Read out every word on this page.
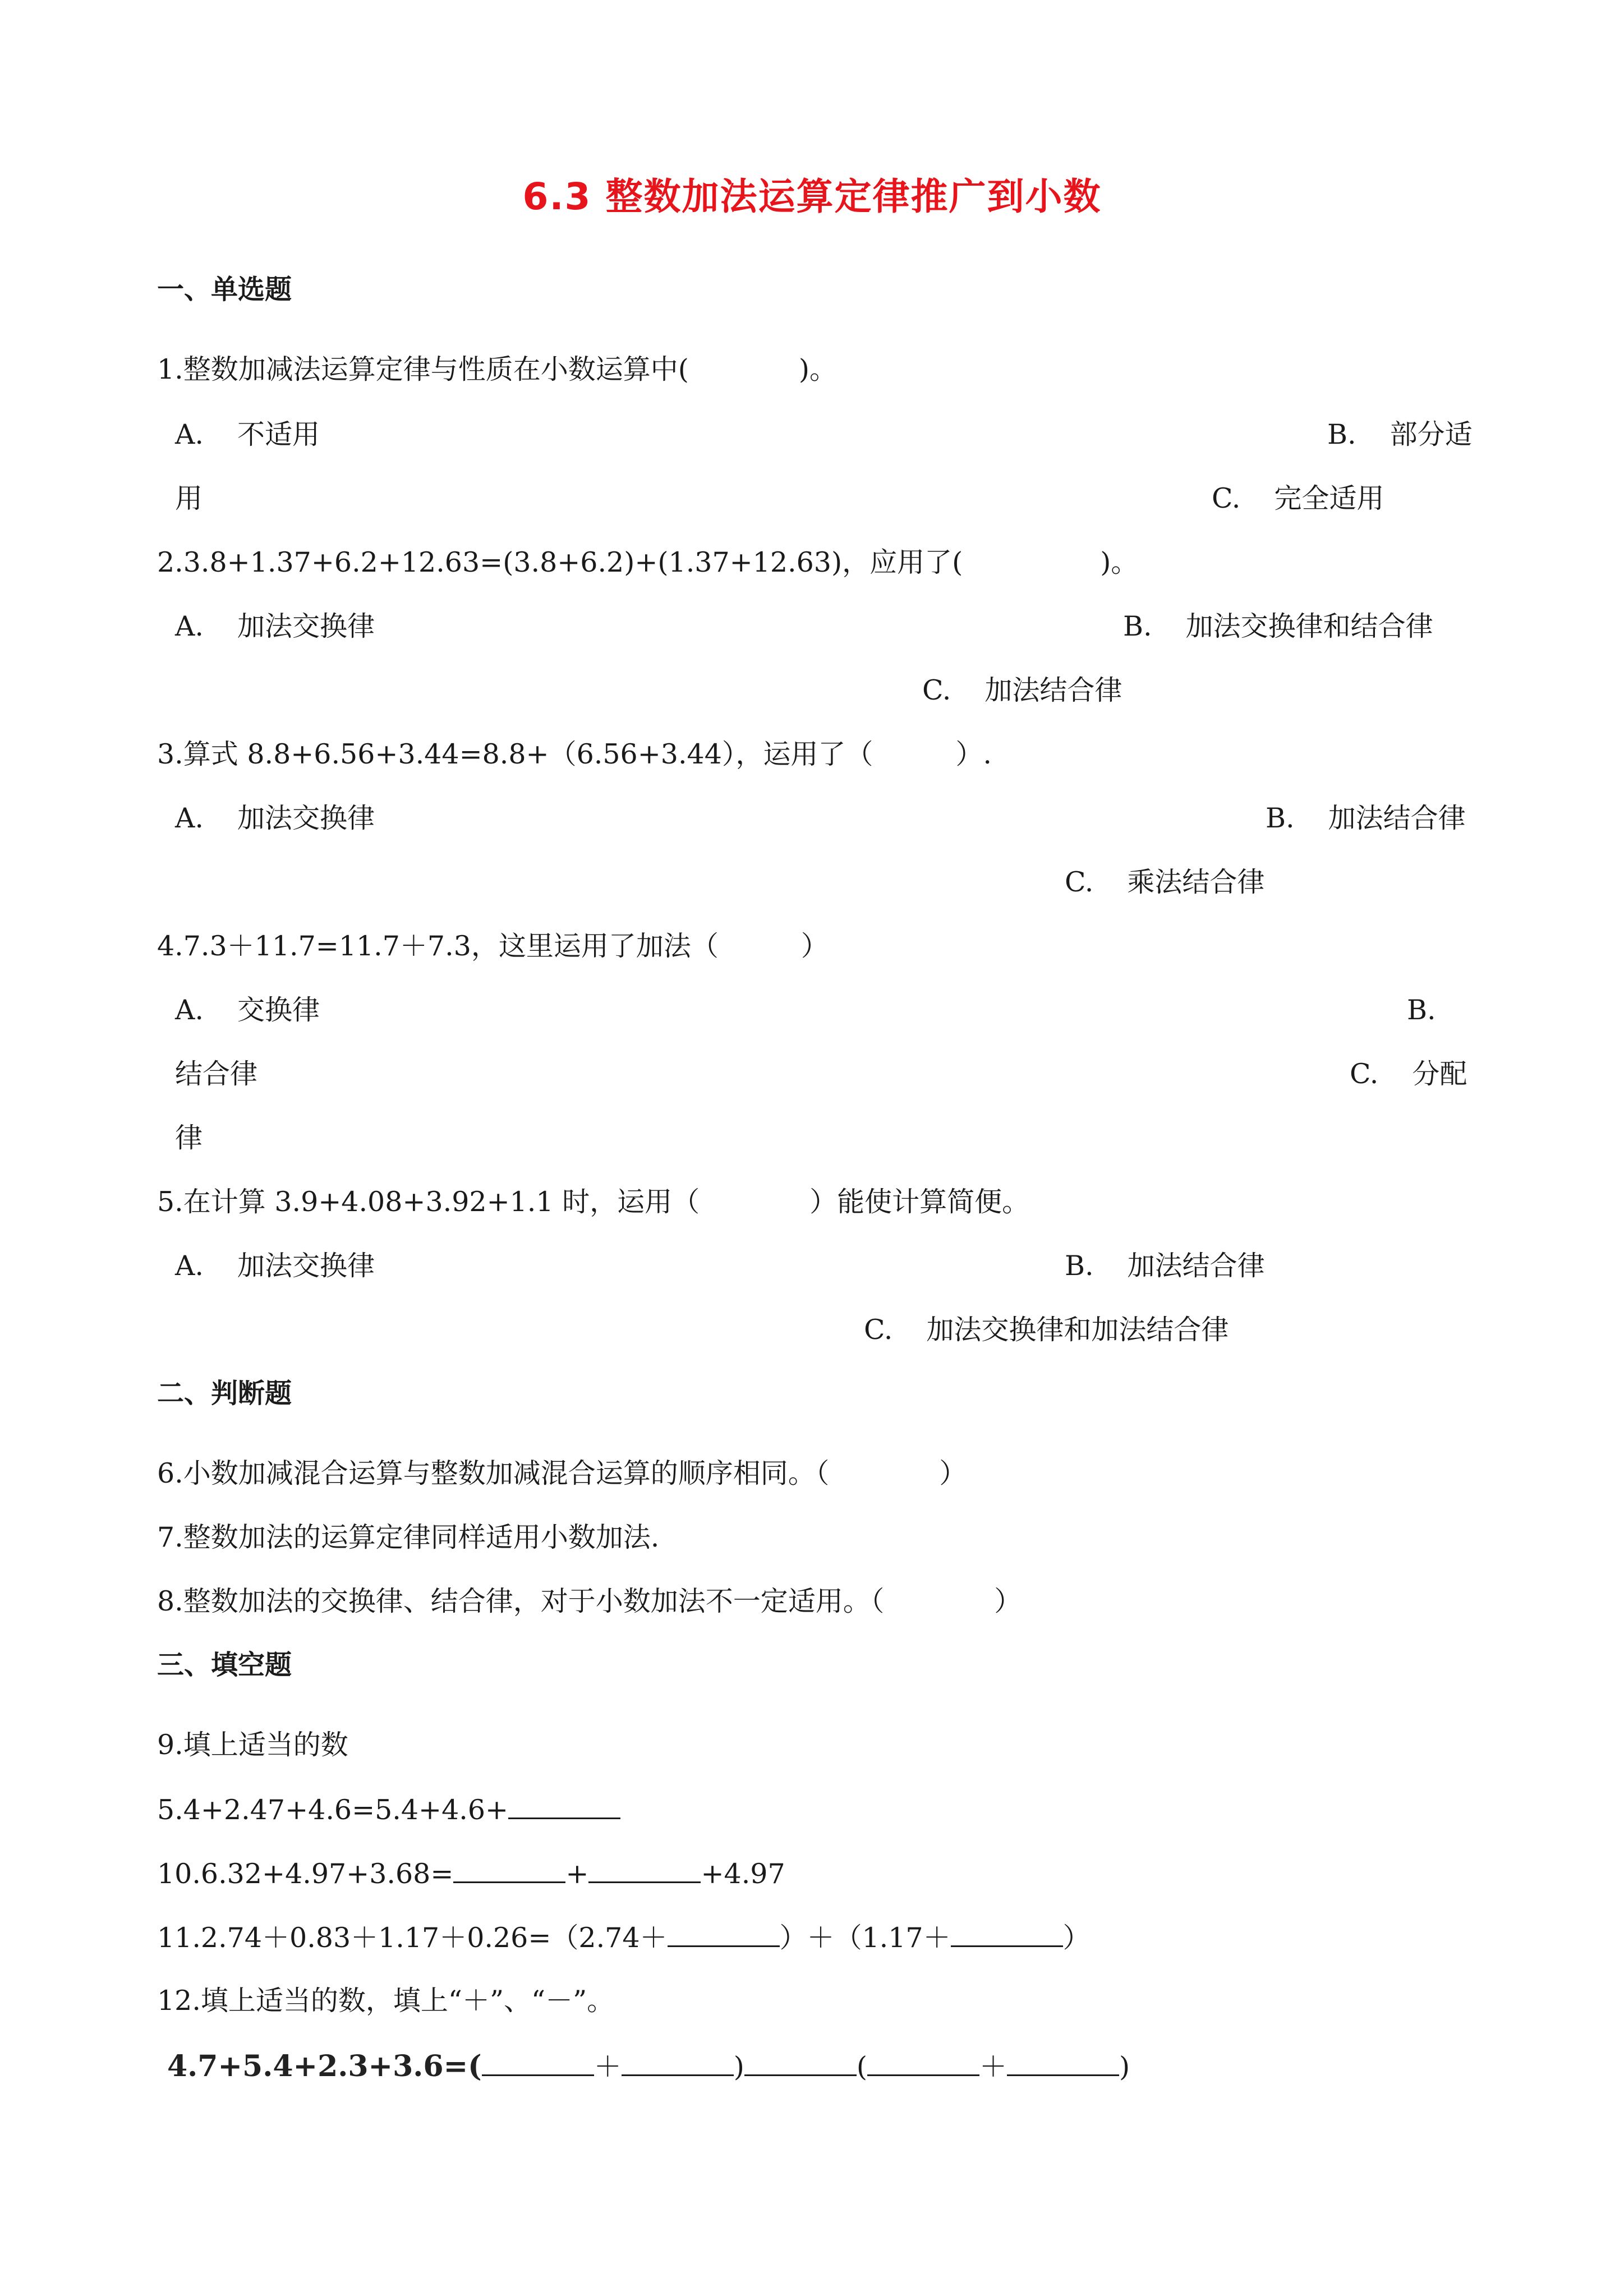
6.3 整数加法运算定律推广到小数
一、单选题
1.整数加减法运算定律与性质在小数运算中(　　　　)。
A. 不适用	B. 部分适
用	C. 完全适用
2.3.8+1.37+6.2+12.63=(3.8+6.2)+(1.37+12.63)，应用了(　　　　　)。
A. 加法交换律	B. 加法交换律和结合律
C. 加法结合律
3.算式 8.8+6.56+3.44=8.8+（6.56+3.44），运用了（　　　）.
A. 加法交换律	B. 加法结合律
C. 乘法结合律
4.7.3＋11.7=11.7＋7.3，这里运用了加法（　　　）
A. 交换律	B.
结合律	C. 分配
律
5.在计算 3.9+4.08+3.92+1.1 时，运用（　　　　）能使计算简便。
A. 加法交换律	B. 加法结合律
C. 加法交换律和加法结合律
二、判断题
6.小数加减混合运算与整数加减混合运算的顺序相同。（　　　　）
7.整数加法的运算定律同样适用小数加法.
8.整数加法的交换律、结合律，对于小数加法不一定适用。（　　　　）
三、填空题
9.填上适当的数
5.4+2.47+4.6=5.4+4.6+
10.6.32+4.97+3.68=	+	+4.97
11.2.74＋0.83＋1.17＋0.26=（2.74＋	）＋（1.17＋	）
12.填上适当的数，填上“＋”、“－”。
4.7+5.4+2.3+3.6=(	＋	)	(	＋	)
